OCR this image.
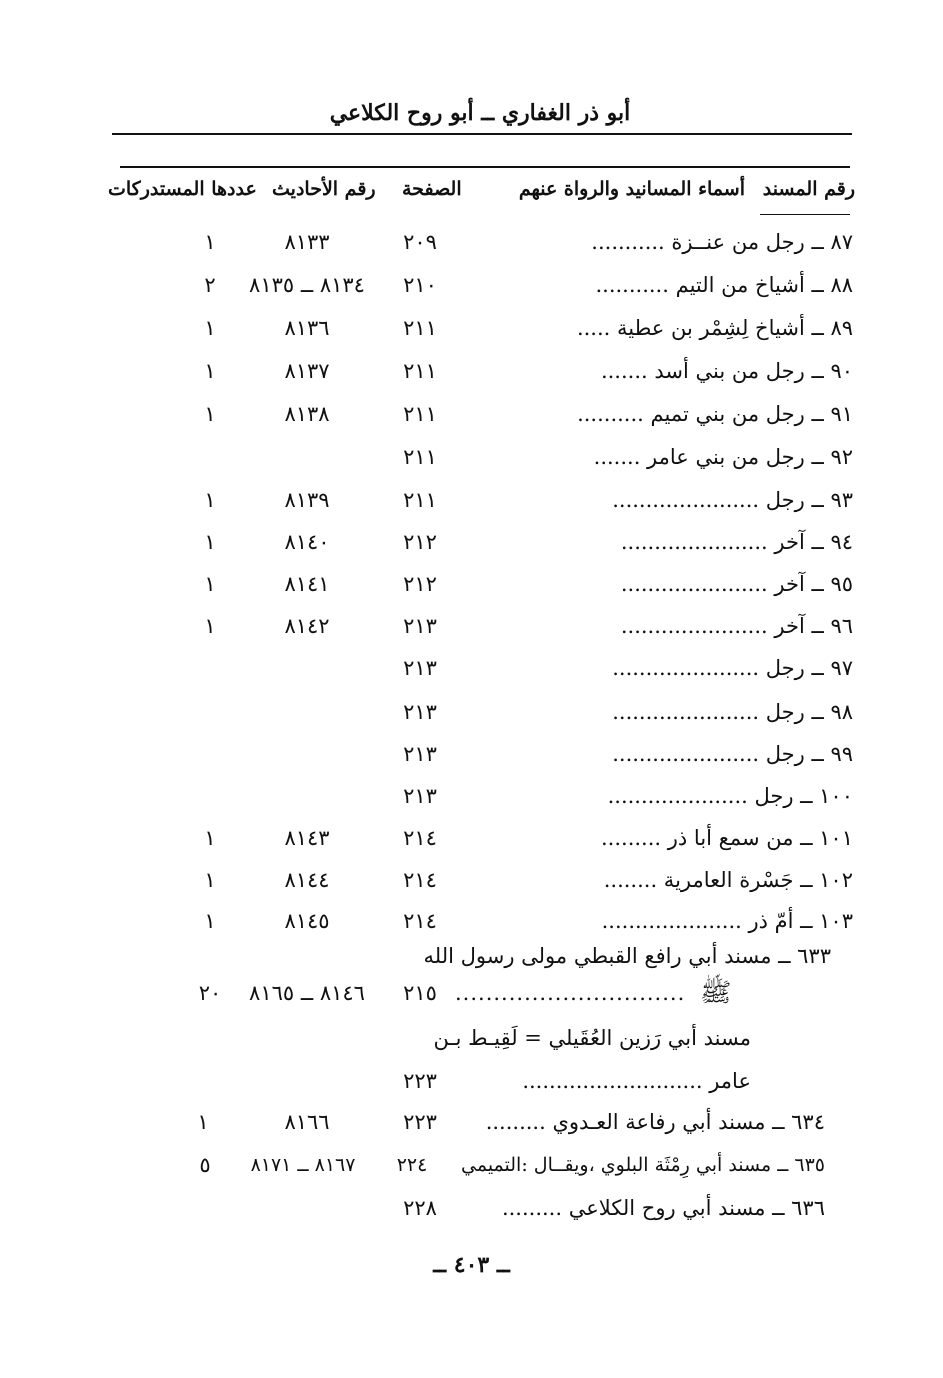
أبو ذر الغفاري ــ أبو روح الكلاعي
رقم المسند
أسماء المسانيد والرواة عنهم
الصفحة
رقم الأحاديث
عددها المستدركات
٨٧ ــ رجل من عنــزة ...........
٢٠٩
٨١٣٣
١
٨٨ ــ أشياخ من التيم ...........
٢١٠
٨١٣٤ ــ ٨١٣٥
٢
٨٩ ــ أشياخ لِشِمْر بن عطية .....
٢١١
٨١٣٦
١
٩٠ ــ رجل من بني أسد .......
٢١١
٨١٣٧
١
٩١ ــ رجل من بني تميم ..........
٢١١
٨١٣٨
١
٩٢ ــ رجل من بني عامر .......
٢١١
٩٣ ــ رجل ......................
٢١١
٨١٣٩
١
٩٤ ــ آخر ......................
٢١٢
٨١٤٠
١
٩٥ ــ آخر ......................
٢١٢
٨١٤١
١
٩٦ ــ آخر ......................
٢١٣
٨١٤٢
١
٩٧ ــ رجل ......................
٢١٣
٩٨ ــ رجل ......................
٢١٣
٩٩ ــ رجل ......................
٢١٣
١٠٠ ــ رجل .....................
٢١٣
١٠١ ــ من سمع أبا ذر .........
٢١٤
٨١٤٣
١
١٠٢ ــ جَسْرة العامرية ........
٢١٤
٨١٤٤
١
١٠٣ ــ أمّ ذر .....................
٢١٤
٨١٤٥
١
٦٣٣ ــ مسند أبي رافع القبطي مولى رسول الله
ﷺ
..............................
٢١٥
٨١٤٦ ــ ٨١٦٥
٢٠
مسند أبي رَزين العُقَيلي = لَقِيـط بـن
عامر ...........................
٢٢٣
٦٣٤ ــ مسند أبي رفاعة العـدوي .........
٢٢٣
٨١٦٦
١
٦٣٥ ــ مسند أبي رِمْثَة البلوي ،ويقــال :التميمي
٢٢٤
٨١٦٧ ــ ٨١٧١
٥
٦٣٦ ــ مسند أبي روح الكلاعي .........
٢٢٨
ــ ٤٠٣ ــ
